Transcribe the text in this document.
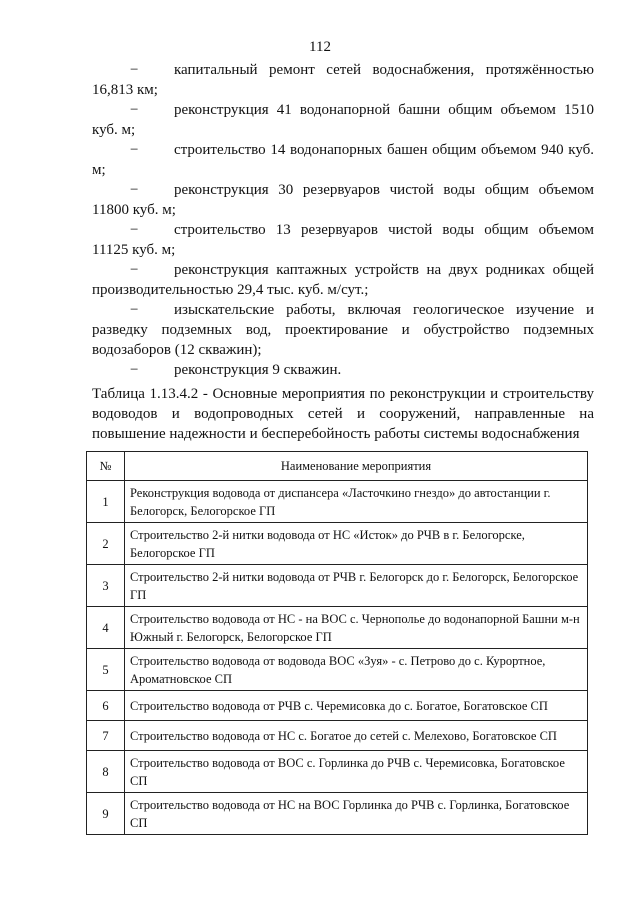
112
− капитальный ремонт сетей водоснабжения, протяжённостью 16,813 км;
− реконструкция 41 водонапорной башни общим объемом 1510 куб. м;
− строительство 14 водонапорных башен общим объемом 940 куб. м;
− реконструкция 30 резервуаров чистой воды общим объемом 11800 куб. м;
− строительство 13 резервуаров чистой воды общим объемом 11125 куб. м;
− реконструкция каптажных устройств на двух родниках общей производительностью 29,4 тыс. куб. м/сут.;
− изыскательские работы, включая геологическое изучение и разведку подземных вод, проектирование и обустройство подземных водозаборов (12 скважин);
− реконструкция 9 скважин.
Таблица 1.13.4.2 - Основные мероприятия по реконструкции и строительству водоводов и водопроводных сетей и сооружений, направленные на повышение надежности и бесперебойность работы системы водоснабжения
№	Наименование мероприятия
1	Реконструкция водовода от диспансера «Ласточкино гнездо» до автостанции г. Белогорск, Белогорское ГП
2	Строительство 2-й нитки водовода от НС «Исток» до РЧВ в г. Белогорске, Белогорское ГП
3	Строительство 2-й нитки водовода от РЧВ г. Белогорск до г. Белогорск, Белогорское ГП
4	Строительство водовода от НС - на ВОС с. Чернополье до водонапорной Башни м-н Южный г. Белогорск, Белогорское ГП
5	Строительство водовода от водовода ВОС «Зуя» - с. Петрово до с. Курортное, Ароматновское СП
6	Строительство водовода от РЧВ с. Черемисовка до с. Богатое, Богатовское СП
7	Строительство водовода от НС с. Богатое до сетей с. Мелехово, Богатовское СП
8	Строительство водовода от ВОС с. Горлинка до РЧВ с. Черемисовка, Богатовское СП
9	Строительство водовода от НС на ВОС Горлинка до РЧВ с. Горлинка, Богатовское СП
